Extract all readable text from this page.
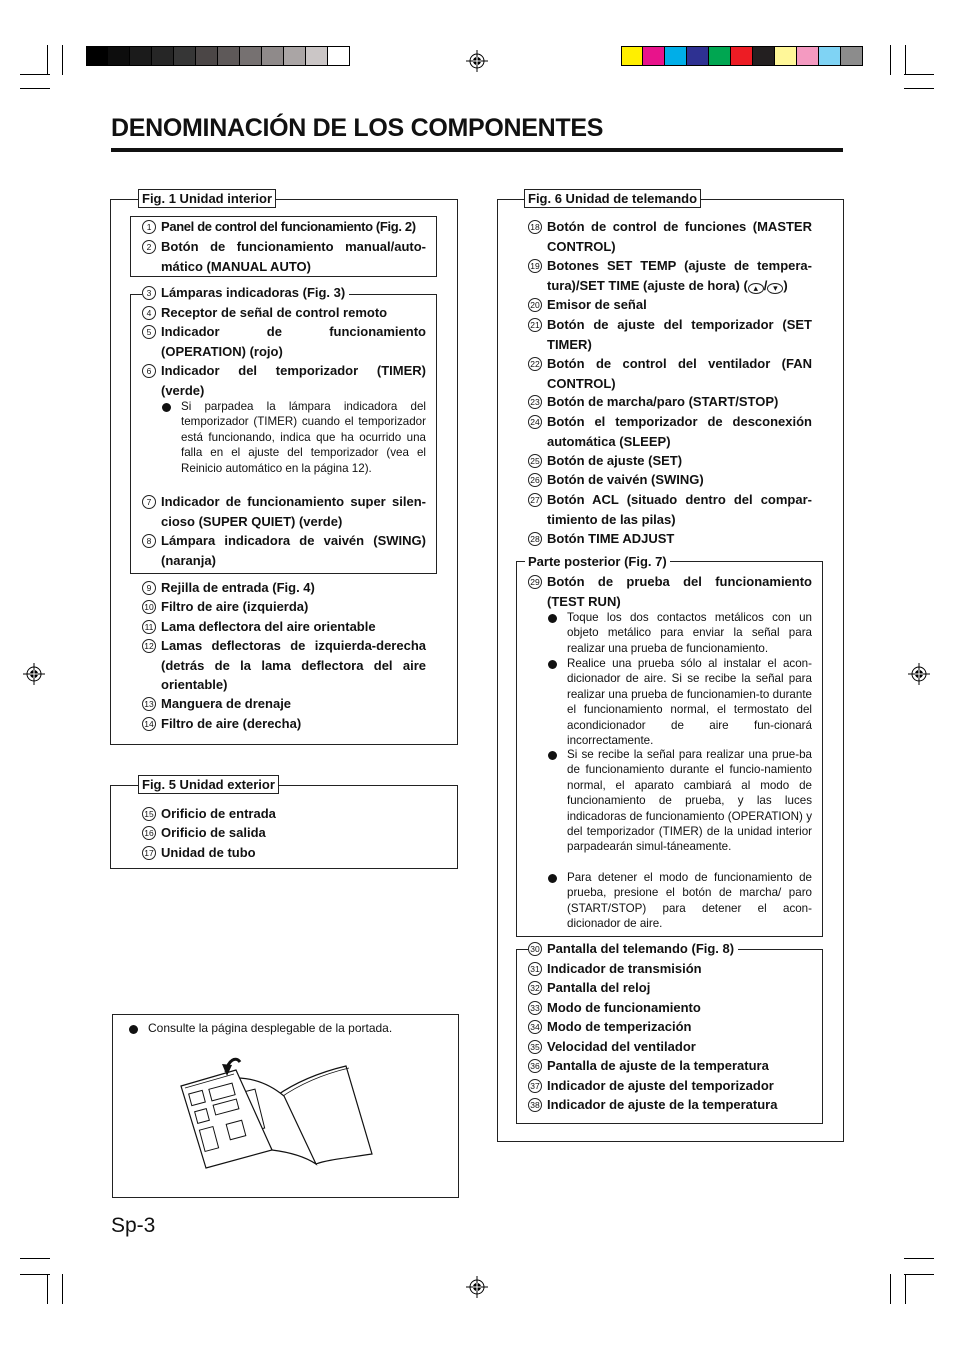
DENOMINACIÓN DE LOS COMPONENTES
Fig. 1 Unidad interior
1 Panel de control del funcionamiento (Fig. 2)
2 Botón de funcionamiento manual/auto-mático (MANUAL AUTO)
3 Lámparas indicadoras (Fig. 3)
4 Receptor de señal de control remoto
5 Indicador de funcionamiento (OPERATION) (rojo)
6 Indicador del temporizador (TIMER) (verde)
Si parpadea la lámpara indicadora del temporizador (TIMER) cuando el temporizador está funcionando, indica que ha ocurrido una falla en el ajuste del temporizador (vea el Reinicio automático en la página 12).
7 Indicador de funcionamiento super silen-cioso (SUPER QUIET) (verde)
8 Lámpara indicadora de vaivén (SWING) (naranja)
9 Rejilla de entrada (Fig. 4)
10 Filtro de aire (izquierda)
11 Lama deflectora del aire orientable
12 Lamas deflectoras de izquierda-derecha (detrás de la lama deflectora del aire orientable)
13 Manguera de drenaje
14 Filtro de aire (derecha)
Fig. 5 Unidad exterior
15 Orificio de entrada
16 Orificio de salida
17 Unidad de tubo
Consulte la página desplegable de la portada.
Fig. 6 Unidad de telemando
18 Botón de control de funciones (MASTER CONTROL)
19 Botones SET TEMP (ajuste de tempera-tura)/SET TIME (ajuste de hora) ( ▴ / ▾ )
20 Emisor de señal
21 Botón de ajuste del temporizador (SET TIMER)
22 Botón de control del ventilador (FAN CONTROL)
23 Botón de marcha/paro (START/STOP)
24 Botón el temporizador de desconexión automática (SLEEP)
25 Botón de ajuste (SET)
26 Botón de vaivén (SWING)
27 Botón ACL (situado dentro del compar-timiento de las pilas)
28 Botón TIME ADJUST
Parte posterior (Fig. 7)
29 Botón de prueba del funcionamiento (TEST RUN)
Toque los dos contactos metálicos con un objeto metálico para enviar la señal para realizar una prueba de funcionamiento.
Realice una prueba sólo al instalar el acon-dicionador de aire. Si se recibe la señal para realizar una prueba de funcionamien-to durante el funcionamiento normal, el termostato del acondicionador de aire fun-cionará incorrectamente.
Si se recibe la señal para realizar una prue-ba de funcionamiento durante el funcio-namiento normal, el aparato cambiará al modo de funcionamiento de prueba, y las luces indicadoras de funcionamiento (OPERATION) y del temporizador (TIMER) de la unidad interior parpadearán simul-táneamente.
Para detener el modo de funcionamiento de prueba, presione el botón de marcha/ paro (START/STOP) para detener el acon-dicionador de aire.
30 Pantalla del telemando (Fig. 8)
31 Indicador de transmisión
32 Pantalla del reloj
33 Modo de funcionamiento
34 Modo de temperización
35 Velocidad del ventilador
36 Pantalla de ajuste de la temperatura
37 Indicador de ajuste del temporizador
38 Indicador de ajuste de la temperatura
Sp-3
